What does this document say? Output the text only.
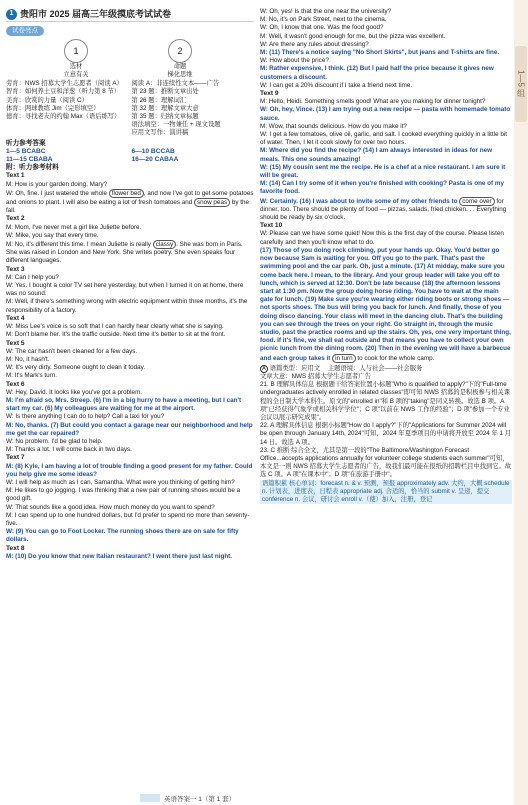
1—5 组
1 贵阳市 2025 届高三年级摸底考试试卷
试卷亮点
1
选材
立意有关
2
命题
梯化思维
劳育：NWS 招募大学生志愿者（阅读 A）	阅读 A：非连续性文本——广告
智育：如何养土豆和洋葱（听力第 8 节）	第 23 题：推断文章出处
美育：欣赏的力量（阅读 C）	第 26 题：理解词汇
体育：网球教练 Jim（完形填空）	第 32 题：理解文章大意
德育：寻找老友的约翰 Max（语后练写）	第 35 题：归纳文章标题
语法填空：一物兼任 + 现文设题
应用文写作：演讲稿
听力参考答案
1—5 BCABC	6—10 BCCAB
11—15 CBABA	16—20 CABAA
附：听力参考材料

Text 1

M: How is your garden doing, Mary?

W: Oh, fine. I just watered the whole flower bed , and now I've got to get some potatoes and onions to plant. I will also be eating a lot of fresh tomatoes and snow peas by the fall.

Text 2

M: Mom, I've never met a girl like Juliette before.

W: Mike, you say that every time.

M: No, it's different this time. I mean Juliette is really classy . She was born in Paris. She was raised in London and New York. She writes poetry. She even speaks four different languages.

Text 3

M: Can I help you?

W: Yes. I bought a color TV set here yesterday, but when I turned it on at home, there was no sound.

M: Well, if there's something wrong with electric equipment within three months, it's the responsibility of a factory.

Text 4

W: Miss Lee's voice is so soft that I can hardly hear clearly what she is saying.

M: Don't blame her. It's the traffic outside. Next time it's better to sit at the front.

Text 5

W: The car hasn't been cleaned for a few days.

M: No, it hasn't.

W: It's very dirty. Someone ought to clean it today.

M: It's Mark's turn.

Text 6

W: Hey, David. It looks like you've got a problem.

M: I'm afraid so, Mrs. Streep. (6) I'm in a big hurry to have a meeting, but I can't start my car. (6) My colleagues are waiting for me at the airport.

W: Is there anything I can do to help? Call a taxi for you?

M: No, thanks. (7) But could you contact a garage near our neighborhood and help me get the car repaired?

W: No problem. I'd be glad to help.

M: Thanks a lot. I will come back in two days.

Text 7

M: (8) Kyle, I am having a lot of trouble finding a good present for my father. Could you help give me some ideas?

W: I will help as much as I can, Samantha. What were you thinking of getting him?

M: He likes to go jogging. I was thinking that a new pair of running shoes would be a good gift.

W: That sounds like a good idea. How much money do you want to spend?

M: I can spend up to one hundred dollars, but I'd prefer to spend no more than seventy-five.

W: (9) You can go to Foot Locker. The running shoes there are on sale for fifty dollars.

Text 8

M: (10) Do you know that new Italian restaurant? I went there just last night.

W: Oh, yes! Is that the one near the university?

M: No, it's on Park Street, next to the cinema.

W: Oh, I know that one. Was the food good?

M: Well, it wasn't good enough for me, but the pizza was excellent.

W: Are there any rules about dressing?

M: (11) There's a notice saying "No Short Skirts", but jeans and T-shirts are fine.

W: How about the price?

M: Rather expensive, I think. (12) But I paid half the price because it gives new customers a discount.

W: I can get a 20% discount if I take a friend next time.

Text 9

M: Hello, Heidi. Something smells good! What are you making for dinner tonight?

W: Oh, hey, Vince. (13) I am trying out a new recipe — pasta with homemade tomato sauce.

M: Wow, that sounds delicious. How do you make it?

W: I get a few tomatoes, olive oil, garlic, and salt. I cooked everything quickly in a little bit of water. Then, I let it cook slowly for over two hours.

M: Where did you find the recipe? (14) I am always interested in ideas for new meals. This one sounds amazing!

W: (15) My cousin sent me the recipe. He is a chef at a nice restaurant. I am sure it will be great.

M: (14) Can I try some of it when you're finished with cooking? Pasta is one of my favorite food.

W: Certainly. (16) I was about to invite some of my other friends to come over for dinner, too. There should be plenty of food — pizzas, salads, fried chicken. . . Everything should be ready by six o'clock.

Text 10

W: Please can we have some quiet! Now this is the first day of the course. Please listen carefully and then you'll know what to do.

(17) Those of you doing rock climbing, put your hands up. Okay. You'd better go now because Sam is waiting for you. Off you go to the park. That's past the swimming pool and the car park. Oh, just a minute. (17) At midday, make sure you come back here. I mean, to the library. And your group leader will take you off to lunch, which is served at 12:30. Don't be late because (18) the afternoon lessons start at 1:30 pm. Now the group doing horse riding. You have to wait at the main gate for lunch. (19) Make sure you're wearing either riding boots or strong shoes — not sports shoes. The bus will bring you back for lunch. And finally, those of you doing disco dancing. Your class will meet in the dancing club. That's the building you can see through the trees on your right. Go straight in, through the music studio, past the practice rooms and up the stairs. Oh, yes, one very important thing, food. If it's fine, we shall eat outside and that means you have to collect your own picnic lunch from the dining room. (20) Then in the evening we will have a barbecue and each group takes it in turn to cook for the whole camp.

A 语篇类型：应用文 主题语境：人与社会——社会服务
文章大意：NWS 招募大学生志愿者广告

21. B 理解具体信息 根据题干给答案位置小标题"Who is qualified to apply?"下的"Full-time undergraduates actively enrolled in related classes"即可知 NWS 招募的是积极参与相关课程的全日制大学本科生。原文的"enrolled in"和 B 项的"taking"是同义转换。故选 B 项。A 项"已经获得气象学或相关科学学位"；C 项"以前在 NWS 工作的经验"；D 项"参加一个专业会议以展示研究成果"。

22. A 理解具体信息 根据小标题"How do I apply?"下的"Applications for Summer 2024 will be open through January 14th, 2024"可知，2024 年夏季项目的申请将开放至 2024 年 1 月 14 日。故选 A 项。

23. C 推断 综合全文，尤其是第一段的"The Baltimore/Washington Forecast Office...accepts applications annually for volunteer college students each summer"可知，本文是一则 NWS 招募大学生志愿者的广告，故我们最可能在报纸的招聘栏目中找到它。故选 C 项。A 项"在课本中"；D 项"在旅游手册中"。

语篇积累 核心单词：forecast n. & v. 预测，预报 approximately adv. 大约，大概 schedule n. 计划表，进度表，日程表 appropriate adj. 合适的，恰当的 submit v. 呈递，提交 conference n. 会议，研讨会 enroll v.（使）加入，注册，登记

英语答案一 1（第 1 套）
